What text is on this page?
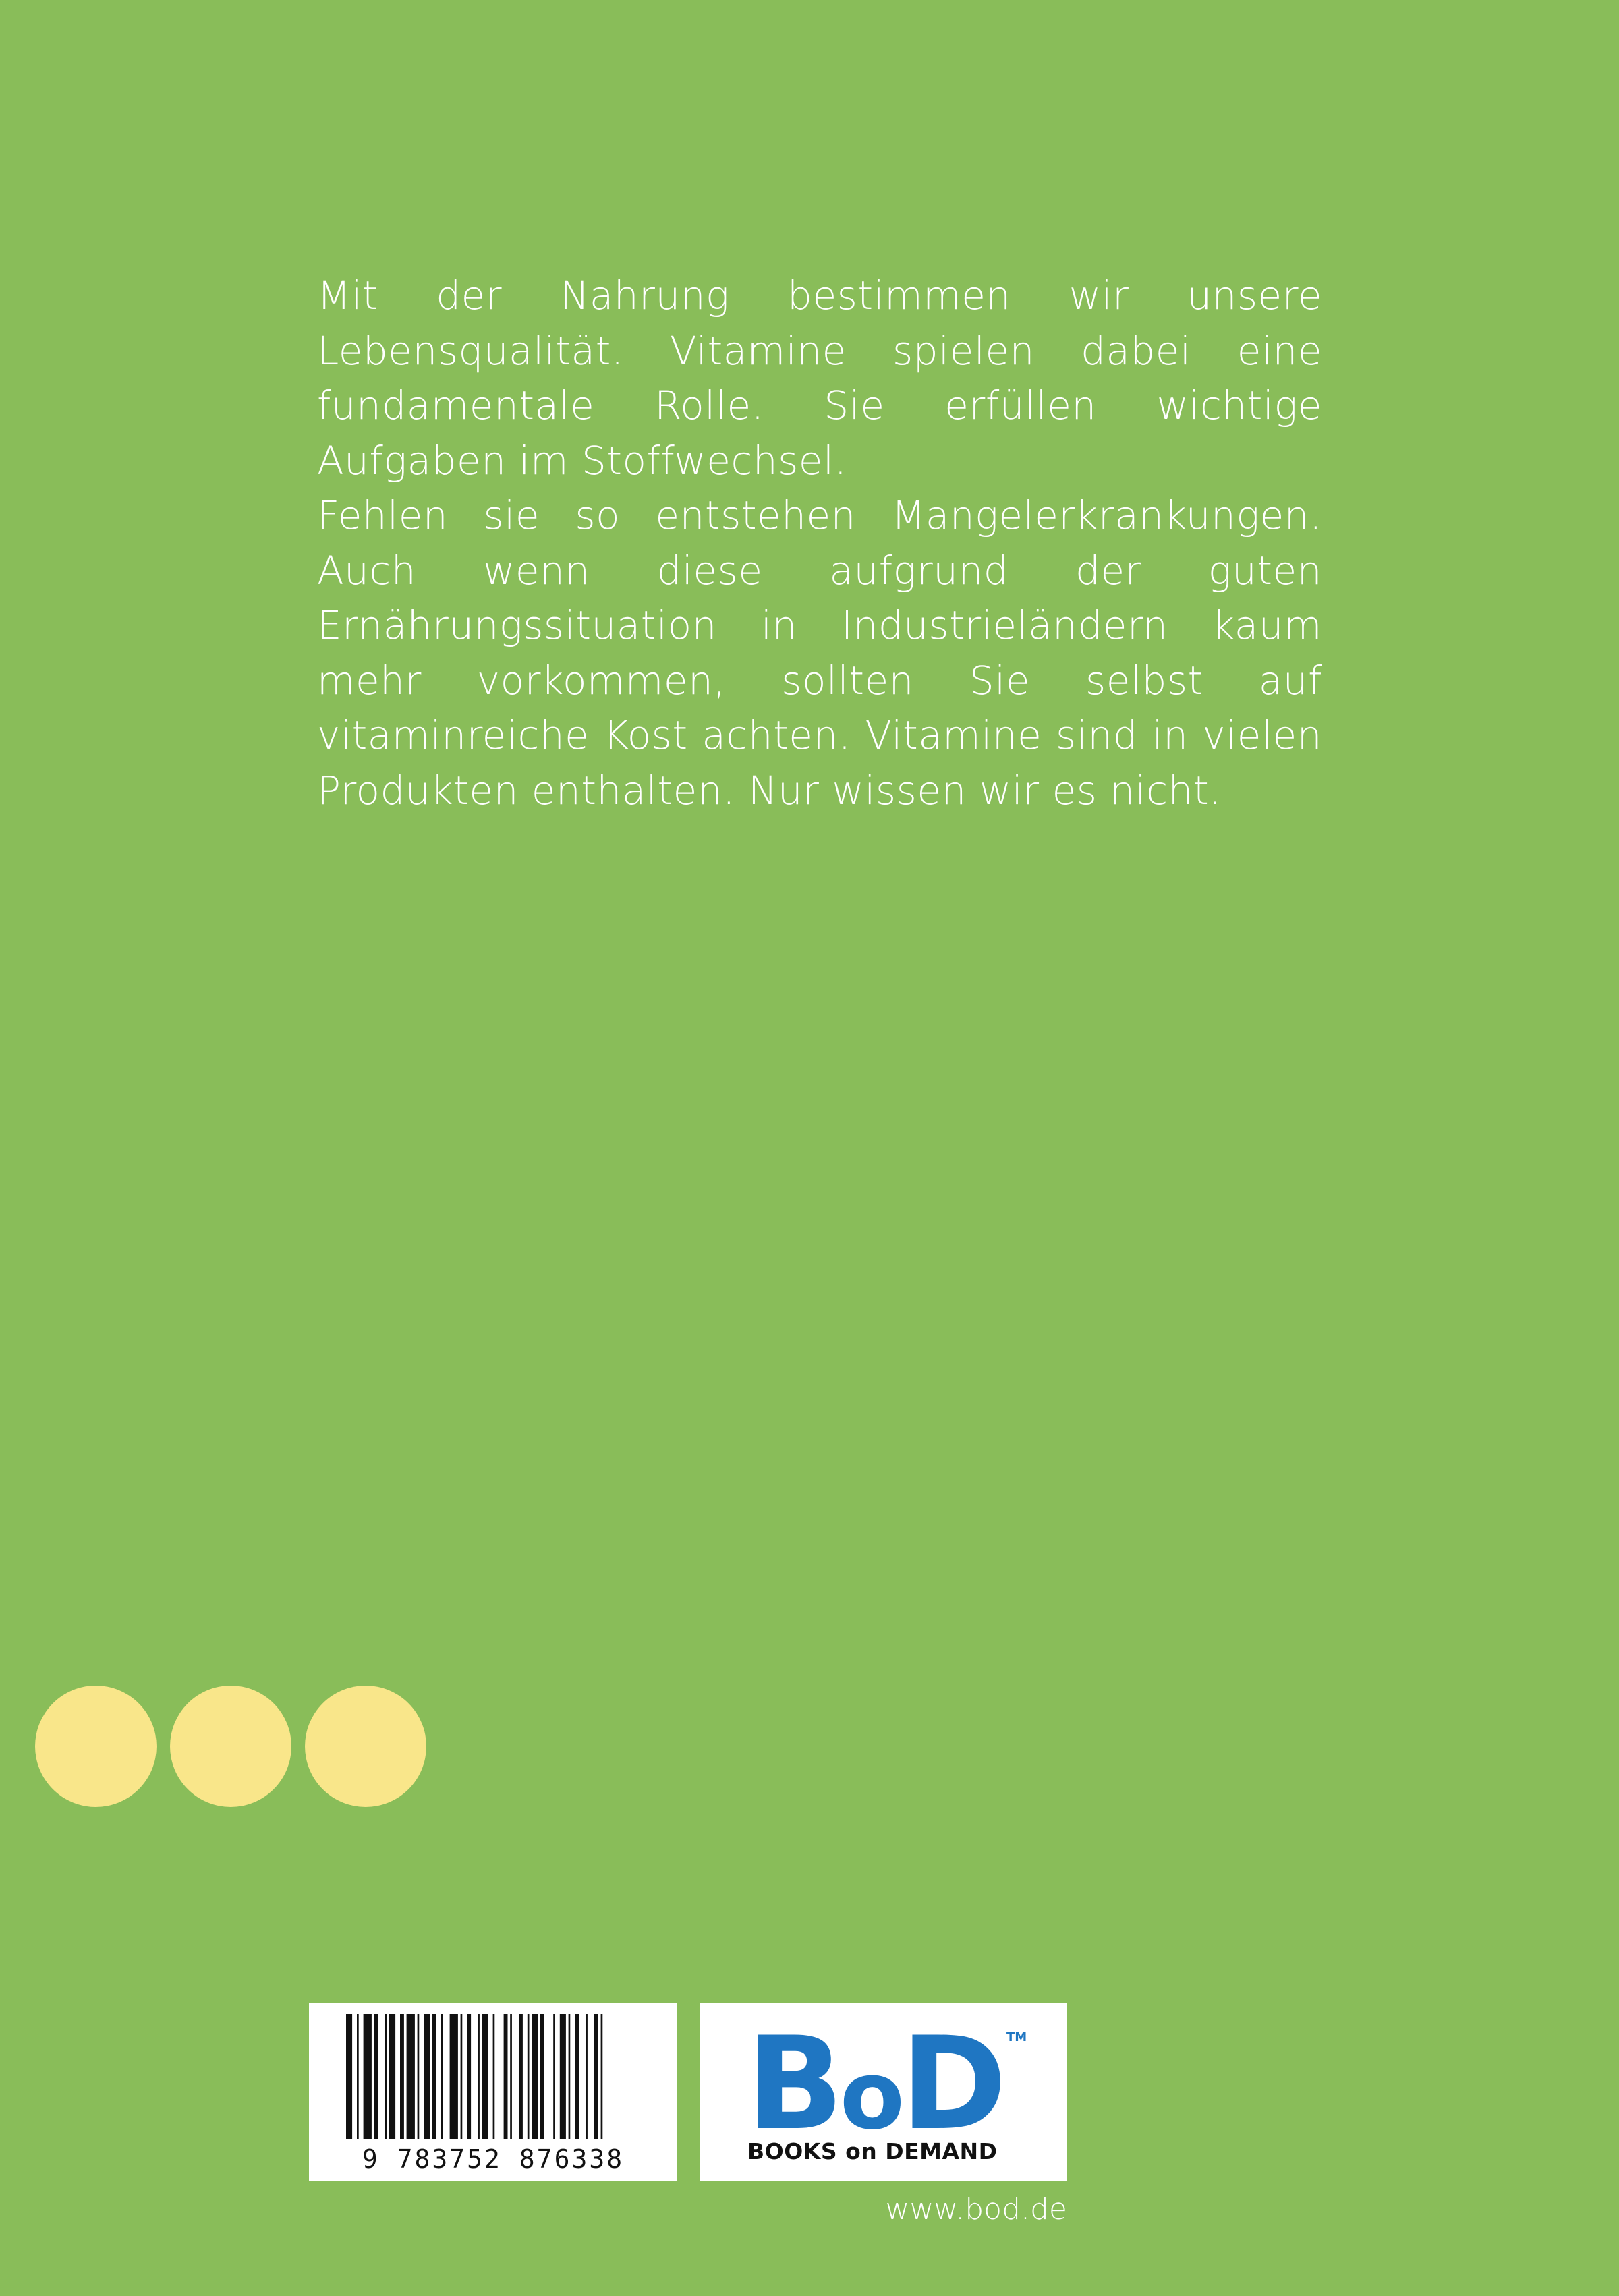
Mit der Nahrung bestimmen wir unsere Lebensqualität. Vitamine spielen dabei eine fundamentale Rolle. Sie erfüllen wichtige Aufgaben im Stoffwechsel.

Fehlen sie so entstehen Mangelerkrankungen. Auch wenn diese aufgrund der guten Ernährungssituation in Industrieländern kaum mehr vorkommen, sollten Sie selbst auf vitaminreiche Kost achten. Vitamine sind in vielen Produkten enthalten. Nur wissen wir es nicht.

9 783752 876338
BoD TM
BOOKS on DEMAND
www.bod.de
